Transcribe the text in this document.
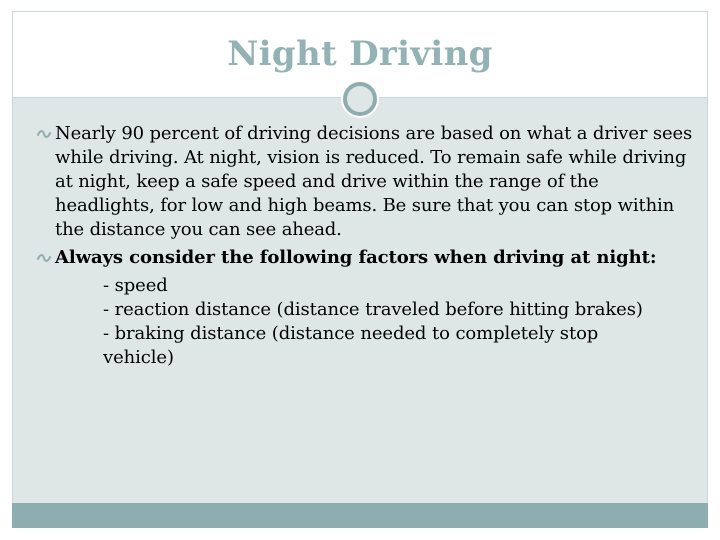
Night Driving
Nearly 90 percent of driving decisions are based on what a driver sees while driving. At night, vision is reduced. To remain safe while driving at night, keep a safe speed and drive within the range of the headlights, for low and high beams. Be sure that you can stop within the distance you can see ahead.
Always consider the following factors when driving at night:
- speed
- reaction distance (distance traveled before hitting brakes)
- braking distance (distance needed to completely stop vehicle)
